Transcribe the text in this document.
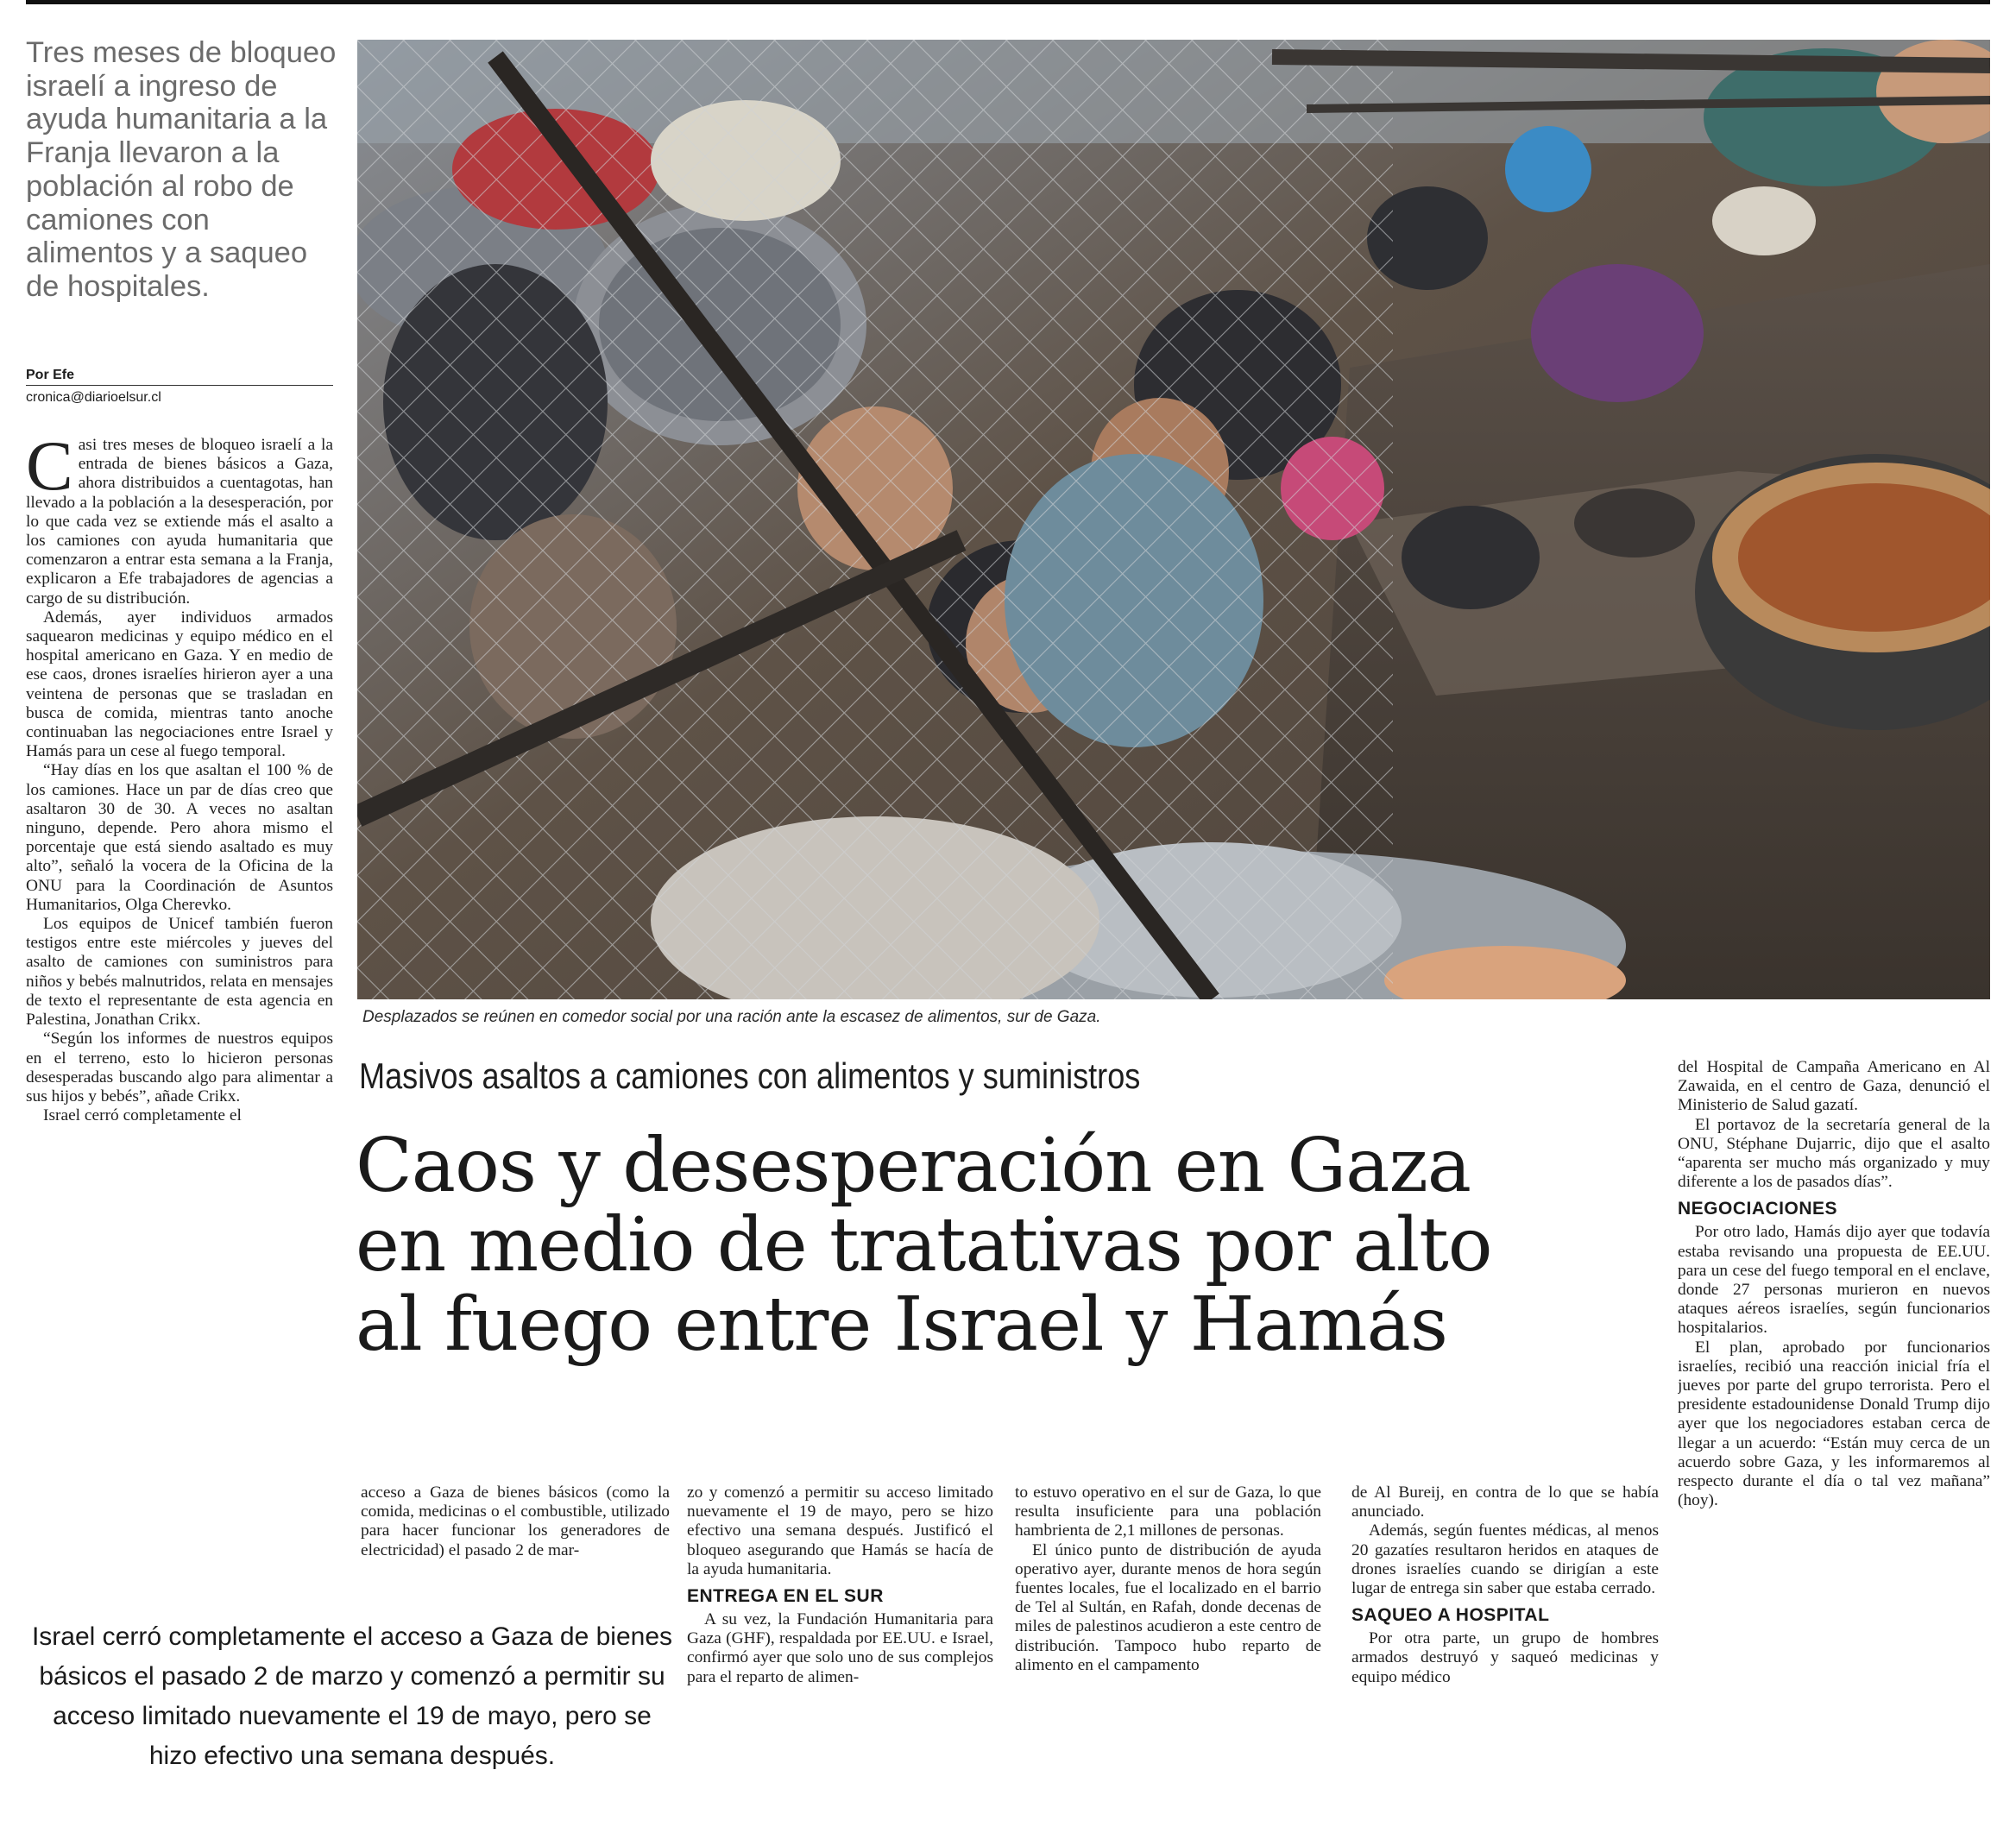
Tres meses de bloqueo israelí a ingreso de ayuda humanitaria a la Franja llevaron a la población al robo de camiones con alimentos y a saqueo de hospitales.
Por Efe
cronica@diarioelsur.cl

Casi tres meses de bloqueo israelí a la entrada de bienes básicos a Gaza, ahora distribuidos a cuentagotas, han llevado a la población a la desesperación, por lo que cada vez se extiende más el asalto a los camiones con ayuda humanitaria que comenzaron a entrar esta semana a la Franja, explicaron a Efe trabajadores de agencias a cargo de su distribución.

Además, ayer individuos armados saquearon medicinas y equipo médico en el hospital americano en Gaza. Y en medio de ese caos, drones israelíes hirieron ayer a una veintena de personas que se trasladan en busca de comida, mientras tanto anoche continuaban las negociaciones entre Israel y Hamás para un cese al fuego temporal.

“Hay días en los que asaltan el 100 % de los camiones. Hace un par de días creo que asaltaron 30 de 30. A veces no asaltan ninguno, depende. Pero ahora mismo el porcentaje que está siendo asaltado es muy alto”, señaló la vocera de la Oficina de la ONU para la Coordinación de Asuntos Humanitarios, Olga Cherevko.

Los equipos de Unicef también fueron testigos entre este miércoles y jueves del asalto de camiones con suministros para niños y bebés malnutridos, relata en mensajes de texto el representante de esta agencia en Palestina, Jonathan Crikx.

“Según los informes de nuestros equipos en el terreno, esto lo hicieron personas desesperadas buscando algo para alimentar a sus hijos y bebés”, añade Crikx.

Israel cerró completamente el

Desplazados se reúnen en comedor social por una ración ante la escasez de alimentos, sur de Gaza.
Masivos asaltos a camiones con alimentos y suministros
Caos y desesperación en Gaza
en medio de tratativas por alto
al fuego entre Israel y Hamás

acceso a Gaza de bienes básicos (como la comida, medicinas o el combustible, utilizado para hacer funcionar los generadores de electricidad) el pasado 2 de mar-

zo y comenzó a permitir su acceso limitado nuevamente el 19 de mayo, pero se hizo efectivo una semana después. Justificó el bloqueo asegurando que Hamás se hacía de la ayuda humanitaria.

ENTREGA EN EL SUR

A su vez, la Fundación Humanitaria para Gaza (GHF), respaldada por EE.UU. e Israel, confirmó ayer que solo uno de sus complejos para el reparto de alimen-

to estuvo operativo en el sur de Gaza, lo que resulta insuficiente para una población hambrienta de 2,1 millones de personas.

El único punto de distribución de ayuda operativo ayer, durante menos de hora según fuentes locales, fue el localizado en el barrio de Tel al Sultán, en Rafah, donde decenas de miles de palestinos acudieron a este centro de distribución. Tampoco hubo reparto de alimento en el campamento

de Al Bureij, en contra de lo que se había anunciado.

Además, según fuentes médicas, al menos 20 gazatíes resultaron heridos en ataques de drones israelíes cuando se dirigían a este lugar de entrega sin saber que estaba cerrado.

SAQUEO A HOSPITAL

Por otra parte, un grupo de hombres armados destruyó y saqueó medicinas y equipo médico

del Hospital de Campaña Americano en Al Zawaida, en el centro de Gaza, denunció el Ministerio de Salud gazatí.

El portavoz de la secretaría general de la ONU, Stéphane Dujarric, dijo que el asalto “aparenta ser mucho más organizado y muy diferente a los de pasados días”.

NEGOCIACIONES

Por otro lado, Hamás dijo ayer que todavía estaba revisando una propuesta de EE.UU. para un cese del fuego temporal en el enclave, donde 27 personas murieron en nuevos ataques aéreos israelíes, según funcionarios hospitalarios.

El plan, aprobado por funcionarios israelíes, recibió una reacción inicial fría el jueves por parte del grupo terrorista. Pero el presidente estadounidense Donald Trump dijo ayer que los negociadores estaban cerca de llegar a un acuerdo: “Están muy cerca de un acuerdo sobre Gaza, y les informaremos al respecto durante el día o tal vez mañana” (hoy).

Israel cerró completamente el acceso a Gaza de bienes básicos el pasado 2 de marzo y comenzó a permitir su acceso limitado nuevamente el 19 de mayo, pero se hizo efectivo una semana después.
